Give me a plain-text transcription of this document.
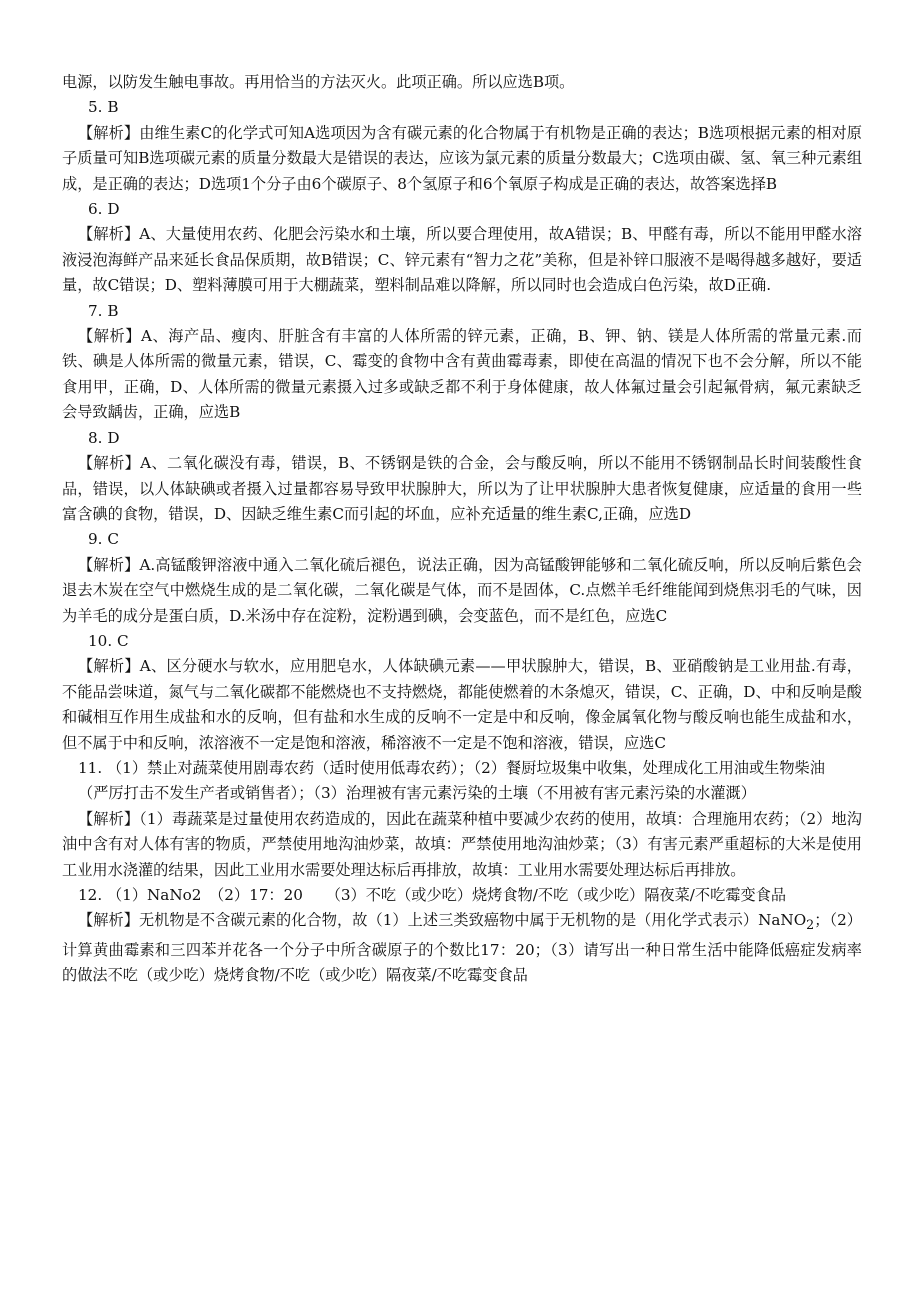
电源，以防发生触电事故。再用恰当的方法灭火。此项正确。所以应选B项。

5. B

【解析】由维生素C的化学式可知A选项因为含有碳元素的化合物属于有机物是正确的表达；B选项根据元素的相对原子质量可知B选项碳元素的质量分数最大是错误的表达，应该为氯元素的质量分数最大；C选项由碳、氢、氧三种元素组成，是正确的表达；D选项1个分子由6个碳原子、8个氢原子和6个氧原子构成是正确的表达，故答案选择B

6. D

【解析】A、大量使用农药、化肥会污染水和土壤，所以要合理使用，故A错误；B、甲醛有毒，所以不能用甲醛水溶液浸泡海鲜产品来延长食品保质期，故B错误；C、锌元素有“智力之花”美称，但是补锌口服液不是喝得越多越好，要适量，故C错误；D、塑料薄膜可用于大棚蔬菜，塑料制品难以降解，所以同时也会造成白色污染，故D正确.

7. B

【解析】A、海产品、瘦肉、肝脏含有丰富的人体所需的锌元素，正确，B、钾、钠、镁是人体所需的常量元素.而铁、碘是人体所需的微量元素，错误，C、霉变的食物中含有黄曲霉毒素，即使在高温的情况下也不会分解，所以不能食用甲，正确，D、人体所需的微量元素摄入过多或缺乏都不利于身体健康，故人体氟过量会引起氟骨病，氟元素缺乏会导致龋齿，正确，应选B

8. D

【解析】A、二氧化碳没有毒，错误，B、不锈钢是铁的合金，会与酸反响，所以不能用不锈钢制品长时间装酸性食品，错误，以人体缺碘或者摄入过量都容易导致甲状腺肿大，所以为了让甲状腺肿大患者恢复健康，应适量的食用一些富含碘的食物，错误，D、因缺乏维生素C而引起的坏血，应补充适量的维生素C,正确，应选D

9. C

【解析】A.高锰酸钾溶液中通入二氧化硫后褪色，说法正确，因为高锰酸钾能够和二氧化硫反响，所以反响后紫色会退去木炭在空气中燃烧生成的是二氧化碳，二氧化碳是气体，而不是固体，C.点燃羊毛纤维能闻到烧焦羽毛的气味，因为羊毛的成分是蛋白质，D.米汤中存在淀粉，淀粉遇到碘，会变蓝色，而不是红色，应选C

10. C

【解析】A、区分硬水与软水，应用肥皂水，人体缺碘元素——甲状腺肿大，错误，B、亚硝酸钠是工业用盐.有毒，不能品尝味道，氮气与二氧化碳都不能燃烧也不支持燃烧，都能使燃着的木条熄灭，错误，C、正确，D、中和反响是酸和碱相互作用生成盐和水的反响，但有盐和水生成的反响不一定是中和反响，像金属氧化物与酸反响也能生成盐和水，但不属于中和反响，浓溶液不一定是饱和溶液，稀溶液不一定是不饱和溶液，错误，应选C

11. （1）禁止对蔬菜使用剧毒农药（适时使用低毒农药）；（2）餐厨垃圾集中收集，处理成化工用油或生物柴油
（严厉打击不发生产者或销售者）；（3）治理被有害元素污染的土壤（不用被有害元素污染的水灌溉）

【解析】（1）毒蔬菜是过量使用农药造成的，因此在蔬菜种植中要减少农药的使用，故填：合理施用农药；（2）地沟油中含有对人体有害的物质，严禁使用地沟油炒菜，故填：严禁使用地沟油炒菜；（3）有害元素严重超标的大米是使用工业用水浇灌的结果，因此工业用水需要处理达标后再排放，故填：工业用水需要处理达标后再排放。

12. （1）NaNo2　（2）17：20　　（3）不吃（或少吃）烧烤食物/不吃（或少吃）隔夜菜/不吃霉变食品

【解析】无机物是不含碳元素的化合物，故（1）上述三类致癌物中属于无机物的是（用化学式表示）NaNO$_2$；（2）计算黄曲霉素和三四苯并花各一个分子中所含碳原子的个数比17：20；（3）请写出一种日常生活中能降低癌症发病率的做法不吃（或少吃）烧烤食物/不吃（或少吃）隔夜菜/不吃霉变食品
